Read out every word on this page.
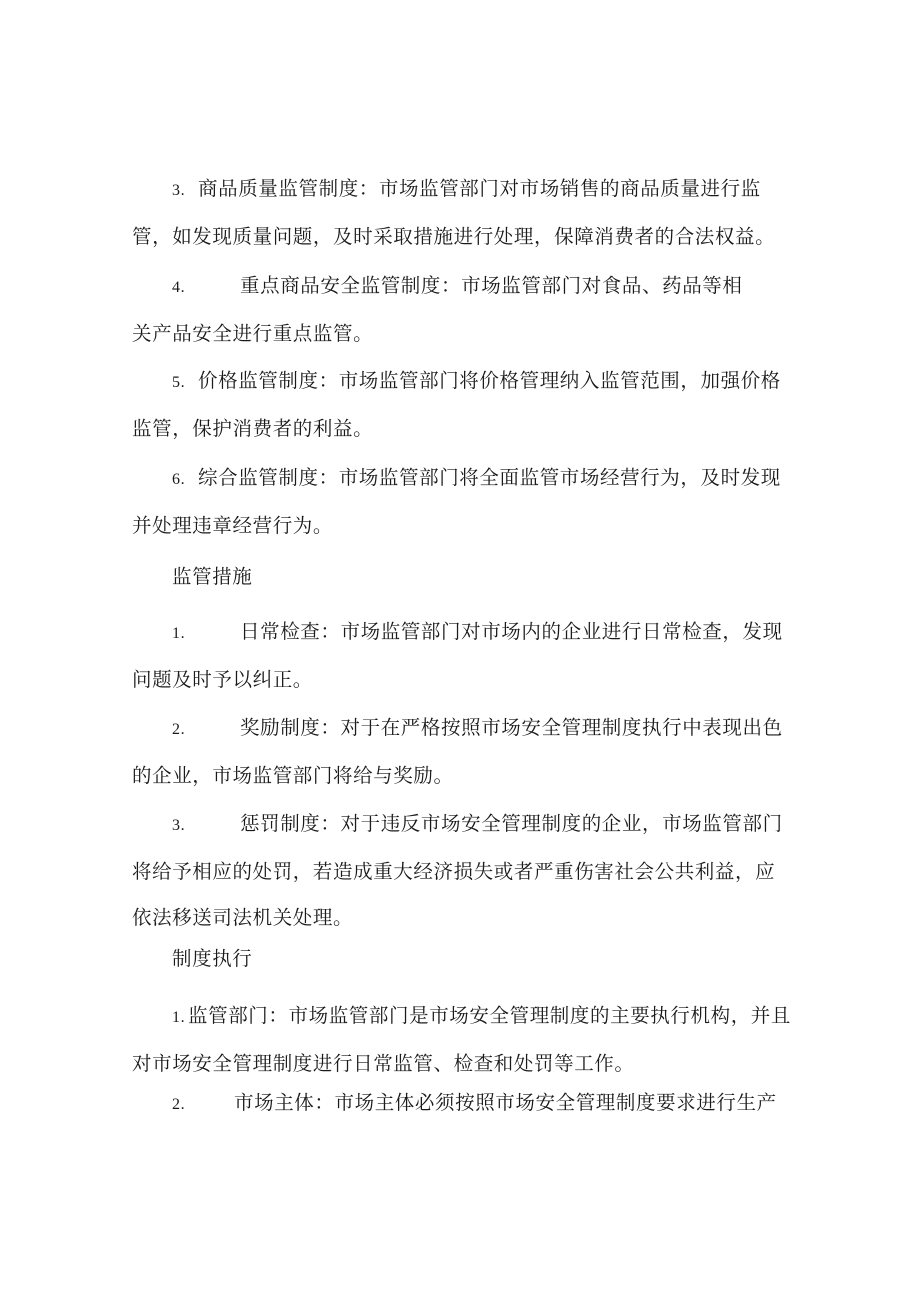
3. 商品质量监管制度：市场监管部门对市场销售的商品质量进行监
管，如发现质量问题，及时采取措施进行处理，保障消费者的合法权益。
4.	重点商品安全监管制度：市场监管部门对食品、药品等相
关产品安全进行重点监管。
5. 价格监管制度：市场监管部门将价格管理纳入监管范围，加强价格
监管，保护消费者的利益。
6. 综合监管制度：市场监管部门将全面监管市场经营行为，及时发现
并处理违章经营行为。
监管措施
1.	日常检查：市场监管部门对市场内的企业进行日常检查，发现
问题及时予以纠正。
2.	奖励制度：对于在严格按照市场安全管理制度执行中表现出色
的企业，市场监管部门将给与奖励。
3.	惩罚制度：对于违反市场安全管理制度的企业，市场监管部门
将给予相应的处罚，若造成重大经济损失或者严重伤害社会公共利益，应
依法移送司法机关处理。
制度执行
1. 监管部门：市场监管部门是市场安全管理制度的主要执行机构，并且
对市场安全管理制度进行日常监管、检查和处罚等工作。
2.	市场主体：市场主体必须按照市场安全管理制度要求进行生产
